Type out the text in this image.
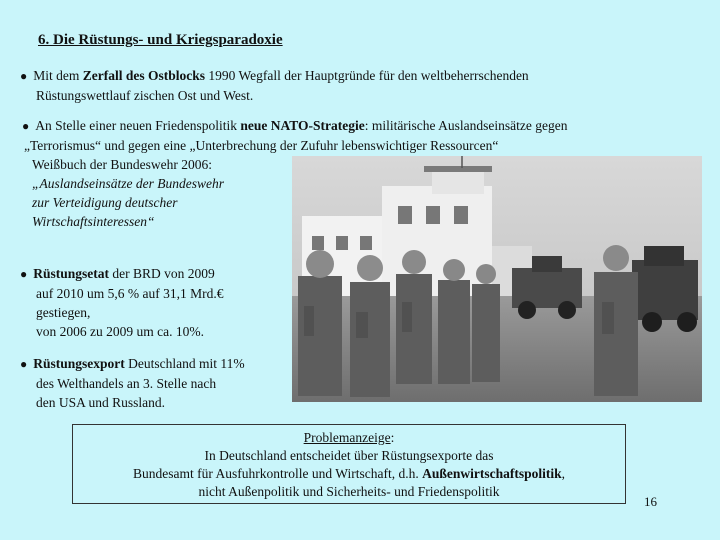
6. Die Rüstungs- und Kriegsparadoxie
● Mit dem Zerfall des Ostblocks 1990 Wegfall der Hauptgründe für den weltbeherrschenden
Rüstungswettlauf zischen Ost und West.
● An Stelle einer neuen Friedenspolitik neue NATO-Strategie: militärische Auslandseinsätze gegen
„Terrorismus“ und gegen eine „Unterbrechung der Zufuhr lebenswichtiger Ressourcen“
Weißbuch der Bundeswehr 2006:
„Auslandseinsätze der Bundeswehr
zur Verteidigung deutscher
Wirtschaftsinteressen“
● Rüstungsetat der BRD von 2009
auf 2010 um 5,6 % auf 31,1 Mrd.€
gestiegen,
von 2006 zu 2009 um ca. 10%.
● Rüstungsexport Deutschland mit 11%
des Welthandels an 3. Stelle nach
den USA und Russland.
Problemanzeige:
In Deutschland entscheidet über Rüstungsexporte das
Bundesamt für Ausfuhrkontrolle und Wirtschaft, d.h. Außenwirtschaftspolitik,
nicht Außenpolitik und Sicherheits- und Friedenspolitik
16
